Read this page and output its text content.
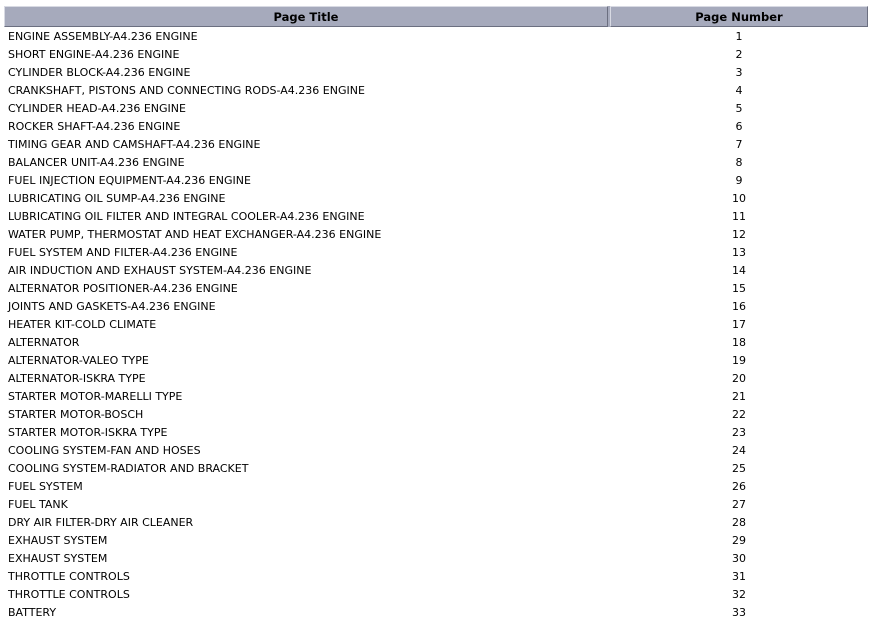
Page Title		Page Number
ENGINE ASSEMBLY-A4.236 ENGINE		1
SHORT ENGINE-A4.236 ENGINE		2
CYLINDER BLOCK-A4.236 ENGINE		3
CRANKSHAFT, PISTONS AND CONNECTING RODS-A4.236 ENGINE		4
CYLINDER HEAD-A4.236 ENGINE		5
ROCKER SHAFT-A4.236 ENGINE		6
TIMING GEAR AND CAMSHAFT-A4.236 ENGINE		7
BALANCER UNIT-A4.236 ENGINE		8
FUEL INJECTION EQUIPMENT-A4.236 ENGINE		9
LUBRICATING OIL SUMP-A4.236 ENGINE		10
LUBRICATING OIL FILTER AND INTEGRAL COOLER-A4.236 ENGINE		11
WATER PUMP, THERMOSTAT AND HEAT EXCHANGER-A4.236 ENGINE		12
FUEL SYSTEM AND FILTER-A4.236 ENGINE		13
AIR INDUCTION AND EXHAUST SYSTEM-A4.236 ENGINE		14
ALTERNATOR POSITIONER-A4.236 ENGINE		15
JOINTS AND GASKETS-A4.236 ENGINE		16
HEATER KIT-COLD CLIMATE		17
ALTERNATOR		18
ALTERNATOR-VALEO TYPE		19
ALTERNATOR-ISKRA TYPE		20
STARTER MOTOR-MARELLI TYPE		21
STARTER MOTOR-BOSCH		22
STARTER MOTOR-ISKRA TYPE		23
COOLING SYSTEM-FAN AND HOSES		24
COOLING SYSTEM-RADIATOR AND BRACKET		25
FUEL SYSTEM		26
FUEL TANK		27
DRY AIR FILTER-DRY AIR CLEANER		28
EXHAUST SYSTEM		29
EXHAUST SYSTEM		30
THROTTLE CONTROLS		31
THROTTLE CONTROLS		32
BATTERY		33
